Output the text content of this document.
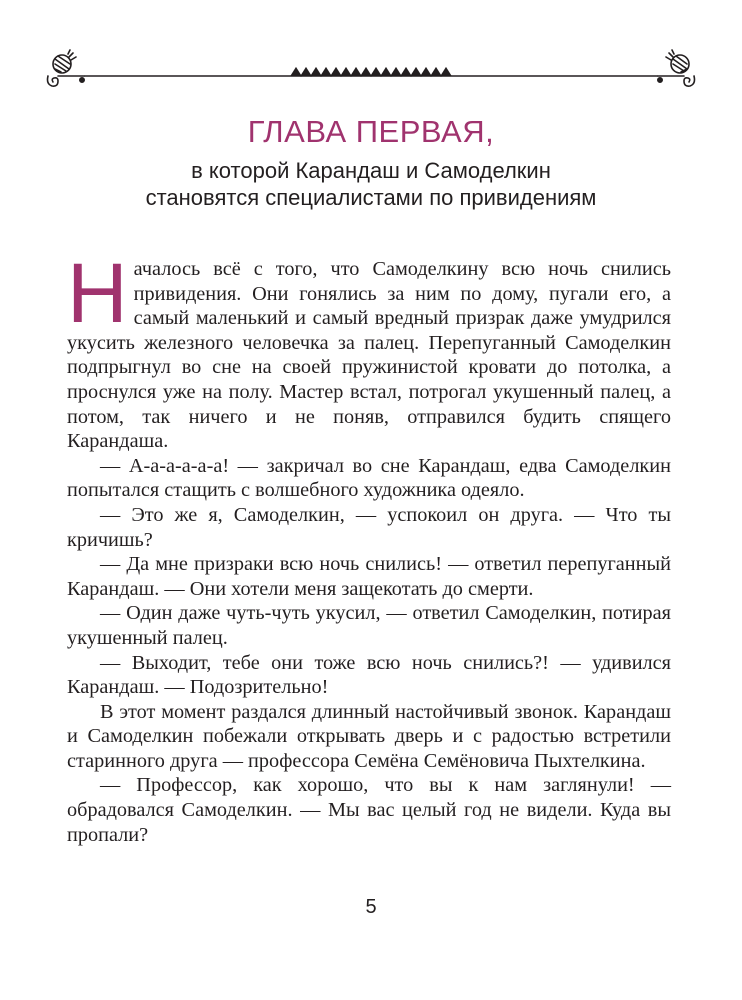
ГЛАВА ПЕРВАЯ,
в которой Карандаш и Самоделкин
становятся специалистами по привидениям

Началось всё с того, что Самоделкину всю ночь снились привидения. Они гонялись за ним по дому, пугали его, а самый маленький и самый вредный призрак даже умудрился укусить железного человечка за палец. Перепуганный Самоделкин подпрыгнул во сне на своей пружинистой кровати до потолка, а проснулся уже на полу. Мастер встал, потрогал укушенный палец, а потом, так ничего и не поняв, отправился будить спящего Карандаша.

— А-а-а-а-а-а! — закричал во сне Карандаш, едва Самоделкин попытался стащить с волшебного художника одеяло.

— Это же я, Самоделкин, — успокоил он друга. — Что ты кричишь?

— Да мне призраки всю ночь снились! — ответил перепуганный Карандаш. — Они хотели меня защекотать до смерти.

— Один даже чуть-чуть укусил, — ответил Самоделкин, потирая укушенный палец.

— Выходит, тебе они тоже всю ночь снились?! — удивился Карандаш. — Подозрительно!

В этот момент раздался длинный настойчивый звонок. Карандаш и Самоделкин побежали открывать дверь и с радостью встретили старинного друга — профессора Семёна Семёновича Пыхтелкина.

— Профессор, как хорошо, что вы к нам заглянули! — обрадовался Самоделкин. — Мы вас целый год не видели. Куда вы пропали?

5
